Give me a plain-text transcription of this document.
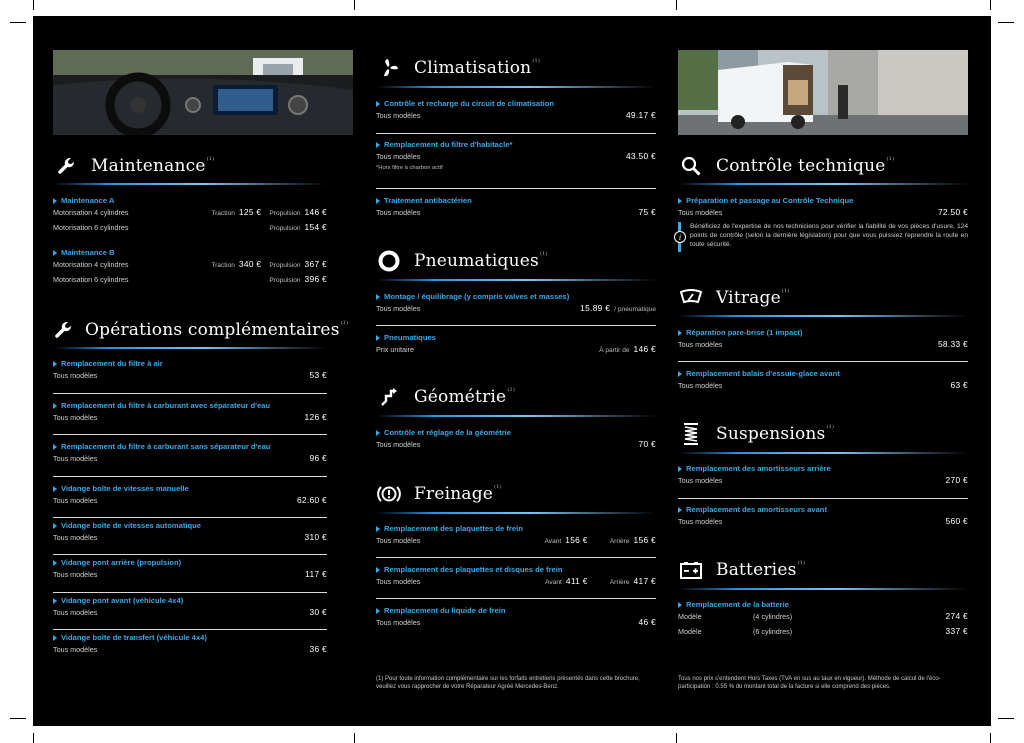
Maintenance$^{(1)}$
Maintenance A
Motorisation 4 cylindres	Traction 125 € Propulsion 146 €
Motorisation 6 cylindres	Propulsion 154 €
Maintenance B
Motorisation 4 cylindres	Traction 340 € Propulsion 367 €
Motorisation 6 cylindres	Propulsion 396 €
Opérations complémentaires$^{(1)}$
Remplacement du filtre à air
Tous modèles	53 €
Remplacement du filtre à carburant avec séparateur d'eau
Tous modèles	126 €
Remplacement du filtre à carburant sans séparateur d'eau
Tous modèles	96 €
Vidange boîte de vitesses manuelle
Tous modèles	62.60 €
Vidange boîte de vitesses automatique
Tous modèles	310 €
Vidange pont arrière (propulsion)
Tous modèles	117 €
Vidange pont avant (véhicule 4x4)
Tous modèles	30 €
Vidange boîte de transfert (véhicule 4x4)
Tous modèles	36 €
Climatisation$^{(1)}$
Contrôle et recharge du circuit de climatisation
Tous modèles	49.17 €
Remplacement du filtre d'habitacle*
Tous modèles	43.50 €
*Hors filtre à charbon actif
Traitement antibactérien
Tous modèles	75 €
Pneumatiques$^{(1)}$
Montage / équilibrage (y compris valves et masses)
Tous modèles	15.89 € / pneumatique
Pneumatiques
Prix unitaire	À partir de 146 €
Géométrie$^{(1)}$
Contrôle et réglage de la géométrie
Tous modèles	70 €
Freinage$^{(1)}$
Remplacement des plaquettes de frein
Tous modèles	Avant 156 €	Arrière 156 €
Remplacement des plaquettes et disques de frein
Tous modèles	Avant 411 €	Arrière 417 €
Remplacement du liquide de frein
Tous modèles	46 €
(1) Pour toute information complémentaire sur les forfaits entretiens présentés dans cette brochure, veuillez vous rapprocher de votre Réparateur Agréé Mercedes-Benz.
Contrôle technique$^{(1)}$
Préparation et passage au Contrôle Technique
Tous modèles	72.50 €
i
Bénéficiez de l'expertise de nos techniciens pour vérifier la fiabilité de vos pièces d'usure, 124 points de contrôle (selon la dernière législation) pour que vous puissiez reprendre la route en toute sécurité.
Vitrage$^{(1)}$
Réparation pare-brise (1 impact)
Tous modèles	58.33 €
Remplacement balais d'essuie-glace avant
Tous modèles	63 €
Suspensions$^{(1)}$
Remplacement des amortisseurs arrière
Tous modèles	270 €
Remplacement des amortisseurs avant
Tous modèles	560 €
Batteries$^{(1)}$
Remplacement de la batterie
Modèle	(4 cylindres)	274 €
Modèle	(6 cylindres)	337 €
Tous nos prix s'entendent Hors Taxes (TVA en sus au taux en vigueur). Méthode de calcul de l'éco-participation : 0.55 % du montant total de la facture si elle comprend des pièces.
